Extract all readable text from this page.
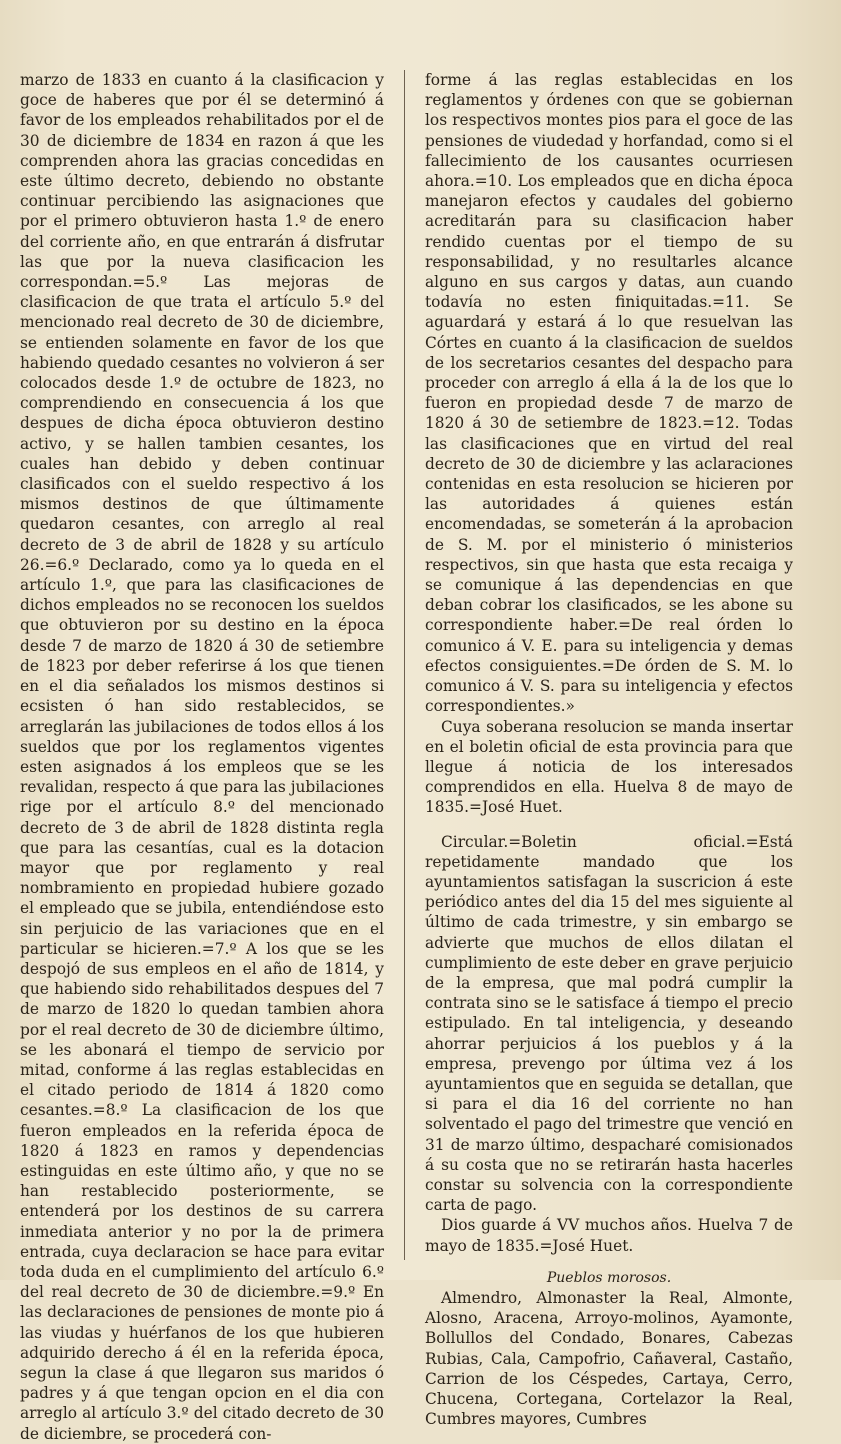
marzo de 1833 en cuanto á la clasificacion y goce de haberes que por él se determinó á favor de los empleados rehabilitados por el de 30 de diciembre de 1834 en razon á que les comprenden ahora las gracias concedidas en este último decreto, debiendo no obstante continuar percibiendo las asignaciones que por el primero obtuvieron hasta 1.º de enero del corriente año, en que entrarán á disfrutar las que por la nueva clasificacion les correspondan.=5.º Las mejoras de clasificacion de que trata el artículo 5.º del mencionado real decreto de 30 de diciembre, se entienden solamente en favor de los que habiendo quedado cesantes no volvieron á ser colocados desde 1.º de octubre de 1823, no comprendiendo en consecuencia á los que despues de dicha época obtuvieron destino activo, y se hallen tambien cesantes, los cuales han debido y deben continuar clasificados con el sueldo respectivo á los mismos destinos de que últimamente quedaron cesantes, con arreglo al real decreto de 3 de abril de 1828 y su artículo 26.=6.º Declarado, como ya lo queda en el artículo 1.º, que para las clasificaciones de dichos empleados no se reconocen los sueldos que obtuvieron por su destino en la época desde 7 de marzo de 1820 á 30 de setiembre de 1823 por deber referirse á los que tienen en el dia señalados los mismos destinos si ecsisten ó han sido restablecidos, se arreglarán las jubilaciones de todos ellos á los sueldos que por los reglamentos vigentes esten asignados á los empleos que se les revalidan, respecto á que para las jubilaciones rige por el artículo 8.º del mencionado decreto de 3 de abril de 1828 distinta regla que para las cesantías, cual es la dotacion mayor que por reglamento y real nombramiento en propiedad hubiere gozado el empleado que se jubila, entendiéndose esto sin perjuicio de las variaciones que en el particular se hicieren.=7.º A los que se les despojó de sus empleos en el año de 1814, y que habiendo sido rehabilitados despues del 7 de marzo de 1820 lo quedan tambien ahora por el real decreto de 30 de diciembre último, se les abonará el tiempo de servicio por mitad, conforme á las reglas establecidas en el citado periodo de 1814 á 1820 como cesantes.=8.º La clasificacion de los que fueron empleados en la referida época de 1820 á 1823 en ramos y dependencias estinguidas en este último año, y que no se han restablecido posteriormente, se entenderá por los destinos de su carrera inmediata anterior y no por la de primera entrada, cuya declaracion se hace para evitar toda duda en el cumplimiento del artículo 6.º del real decreto de 30 de diciembre.=9.º En las declaraciones de pensiones de monte pio á las viudas y huérfanos de los que hubieren adquirido derecho á él en la referida época, segun la clase á que llegaron sus maridos ó padres y á que tengan opcion en el dia con arreglo al artículo 3.º del citado decreto de 30 de diciembre, se procederá con-

forme á las reglas establecidas en los reglamentos y órdenes con que se gobiernan los respectivos montes pios para el goce de las pensiones de viudedad y horfandad, como si el fallecimiento de los causantes ocurriesen ahora.=10. Los empleados que en dicha época manejaron efectos y caudales del gobierno acreditarán para su clasificacion haber rendido cuentas por el tiempo de su responsabilidad, y no resultarles alcance alguno en sus cargos y datas, aun cuando todavía no esten finiquitadas.=11. Se aguardará y estará á lo que resuelvan las Córtes en cuanto á la clasificacion de sueldos de los secretarios cesantes del despacho para proceder con arreglo á ella á la de los que lo fueron en propiedad desde 7 de marzo de 1820 á 30 de setiembre de 1823.=12. Todas las clasificaciones que en virtud del real decreto de 30 de diciembre y las aclaraciones contenidas en esta resolucion se hicieren por las autoridades á quienes están encomendadas, se someterán á la aprobacion de S. M. por el ministerio ó ministerios respectivos, sin que hasta que esta recaiga y se comunique á las dependencias en que deban cobrar los clasificados, se les abone su correspondiente haber.=De real órden lo comunico á V. E. para su inteligencia y demas efectos consiguientes.=De órden de S. M. lo comunico á V. S. para su inteligencia y efectos correspondientes.»

Cuya soberana resolucion se manda insertar en el boletin oficial de esta provincia para que llegue á noticia de los interesados comprendidos en ella. Huelva 8 de mayo de 1835.=José Huet.

Circular.=Boletin oficial.=Está repetidamente mandado que los ayuntamientos satisfagan la suscricion á este periódico antes del dia 15 del mes siguiente al último de cada trimestre, y sin embargo se advierte que muchos de ellos dilatan el cumplimiento de este deber en grave perjuicio de la empresa, que mal podrá cumplir la contrata sino se le satisface á tiempo el precio estipulado. En tal inteligencia, y deseando ahorrar perjuicios á los pueblos y á la empresa, prevengo por última vez á los ayuntamientos que en seguida se detallan, que si para el dia 16 del corriente no han solventado el pago del trimestre que venció en 31 de marzo último, despacharé comisionados á su costa que no se retirarán hasta hacerles constar su solvencia con la correspondiente carta de pago.

Dios guarde á VV muchos años. Huelva 7 de mayo de 1835.=José Huet.

Pueblos morosos.

Almendro, Almonaster la Real, Almonte, Alosno, Aracena, Arroyo-molinos, Ayamonte, Bollullos del Condado, Bonares, Cabezas Rubias, Cala, Campofrio, Cañaveral, Castaño, Carrion de los Céspedes, Cartaya, Cerro, Chucena, Cortegana, Cortelazor la Real, Cumbres mayores, Cumbres
